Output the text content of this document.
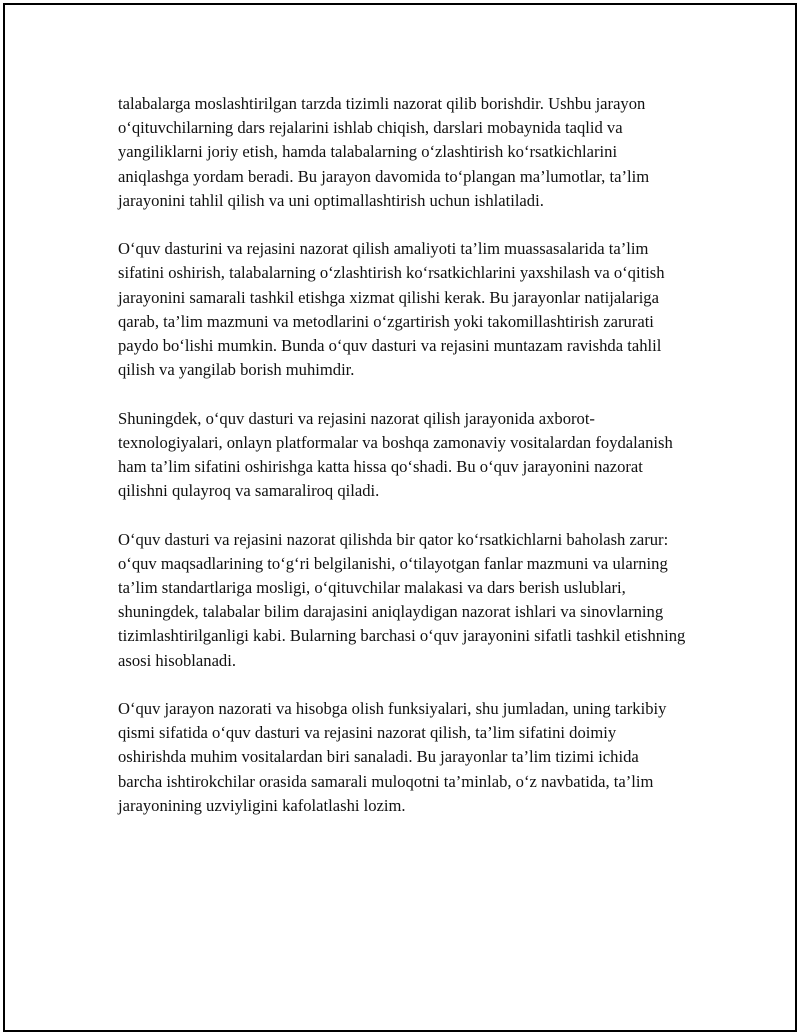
talabalarga moslashtirilgan tarzda tizimli nazorat qilib borishdir. Ushbu jarayon o‘qituvchilarning dars rejalarini ishlab chiqish, darslari mobaynida taqlid va yangiliklarni joriy etish, hamda talabalarning o‘zlashtirish ko‘rsatkichlarini aniqlashga yordam beradi. Bu jarayon davomida to‘plangan ma’lumotlar, ta’lim jarayonini tahlil qilish va uni optimallashtirish uchun ishlatiladi.

O‘quv dasturini va rejasini nazorat qilish amaliyoti ta’lim muassasalarida ta’lim sifatini oshirish, talabalarning o‘zlashtirish ko‘rsatkichlarini yaxshilash va o‘qitish jarayonini samarali tashkil etishga xizmat qilishi kerak. Bu jarayonlar natijalariga qarab, ta’lim mazmuni va metodlarini o‘zgartirish yoki takomillashtirish zarurati paydo bo‘lishi mumkin. Bunda o‘quv dasturi va rejasini muntazam ravishda tahlil qilish va yangilab borish muhimdir.

Shuningdek, o‘quv dasturi va rejasini nazorat qilish jarayonida axborot-texnologiyalari, onlayn platformalar va boshqa zamonaviy vositalardan foydalanish ham ta’lim sifatini oshirishga katta hissa qo‘shadi. Bu o‘quv jarayonini nazorat qilishni qulayroq va samaraliroq qiladi.

O‘quv dasturi va rejasini nazorat qilishda bir qator ko‘rsatkichlarni baholash zarur: o‘quv maqsadlarining to‘g‘ri belgilanishi, o‘tilayotgan fanlar mazmuni va ularning ta’lim standartlariga mosligi, o‘qituvchilar malakasi va dars berish uslublari, shuningdek, talabalar bilim darajasini aniqlaydigan nazorat ishlari va sinovlarning tizimlashtirilganligi kabi. Bularning barchasi o‘quv jarayonini sifatli tashkil etishning asosi hisoblanadi.

O‘quv jarayon nazorati va hisobga olish funksiyalari, shu jumladan, uning tarkibiy qismi sifatida o‘quv dasturi va rejasini nazorat qilish, ta’lim sifatini doimiy oshirishda muhim vositalardan biri sanaladi. Bu jarayonlar ta’lim tizimi ichida barcha ishtirokchilar orasida samarali muloqotni ta’minlab, o‘z navbatida, ta’lim jarayonining uzviyligini kafolatlashi lozim.
